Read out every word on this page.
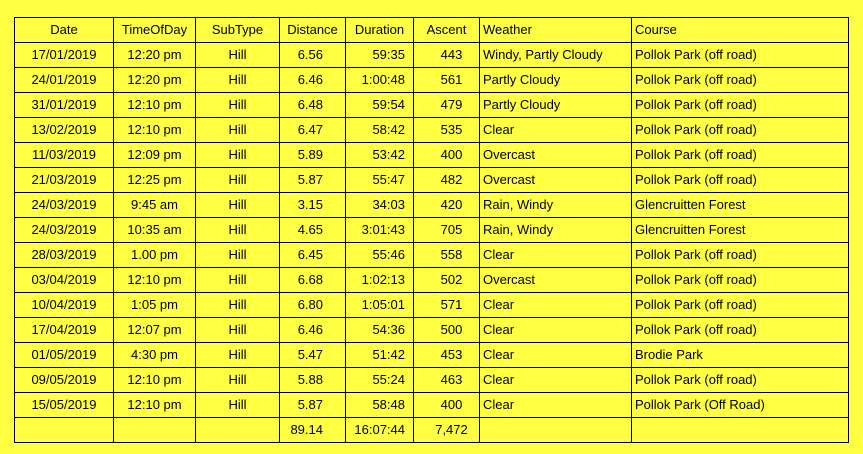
Date	TimeOfDay	SubType	Distance	Duration	Ascent	Weather	Course
17/01/2019	12:20 pm	Hill	6.56	59:35	443	Windy, Partly Cloudy	Pollok Park (off road)
24/01/2019	12:20 pm	Hill	6.46	1:00:48	561	Partly Cloudy	Pollok Park (off road)
31/01/2019	12:10 pm	Hill	6.48	59:54	479	Partly Cloudy	Pollok Park (off road)
13/02/2019	12:10 pm	Hill	6.47	58:42	535	Clear	Pollok Park (off road)
11/03/2019	12:09 pm	Hill	5.89	53:42	400	Overcast	Pollok Park (off road)
21/03/2019	12:25 pm	Hill	5.87	55:47	482	Overcast	Pollok Park (off road)
24/03/2019	9:45 am	Hill	3.15	34:03	420	Rain, Windy	Glencruitten Forest
24/03/2019	10:35 am	Hill	4.65	3:01:43	705	Rain, Windy	Glencruitten Forest
28/03/2019	1.00 pm	Hill	6.45	55:46	558	Clear	Pollok Park (off road)
03/04/2019	12:10 pm	Hill	6.68	1:02:13	502	Overcast	Pollok Park (off road)
10/04/2019	1:05 pm	Hill	6.80	1:05:01	571	Clear	Pollok Park (off road)
17/04/2019	12:07 pm	Hill	6.46	54:36	500	Clear	Pollok Park (off road)
01/05/2019	4:30 pm	Hill	5.47	51:42	453	Clear	Brodie Park
09/05/2019	12:10 pm	Hill	5.88	55:24	463	Clear	Pollok Park (off road)
15/05/2019	12:10 pm	Hill	5.87	58:48	400	Clear	Pollok Park (Off Road)
			89.14	16:07:44	7,472		
